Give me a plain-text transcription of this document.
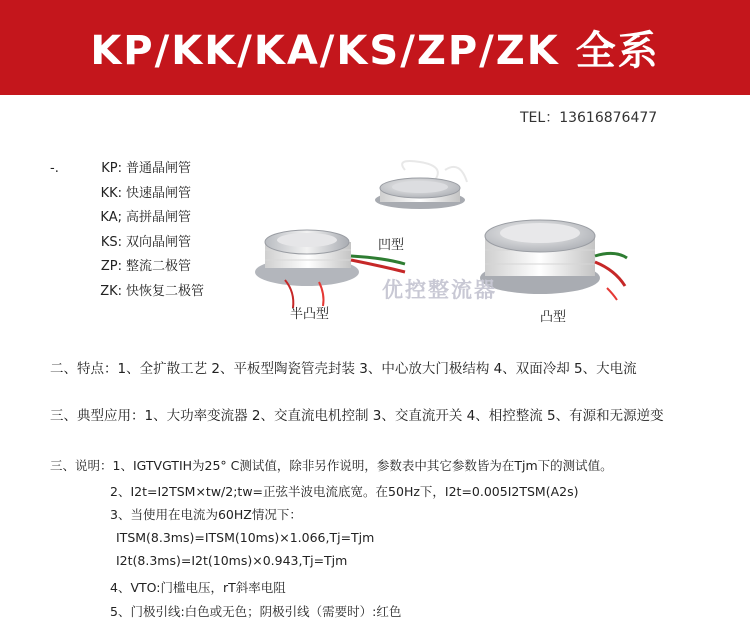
KP/KK/KA/KS/ZP/ZK 全系
TEL：13616876477
-.	KP: 普通晶闸管
KK: 快速晶闸管
KA; 高拼晶闸管
KS: 双向晶闸管
ZP: 整流二极管
ZK: 快恢复二极管
凹型
半凸型	凸型
优控整流器
二、特点：1、全扩散工艺 2、平板型陶瓷管壳封装 3、中心放大门极结构 4、双面冷却 5、大电流
三、典型应用：1、大功率变流器 2、交直流电机控制 3、交直流开关 4、相控整流 5、有源和无源逆变
三、说明：1、IGTVGTIH为25° C测试值，除非另作说明，参数表中其它参数皆为在Tjm下的测试值。
2、I2t=I2TSM×tw/2;tw=正弦半波电流底宽。在50Hz下，I2t=0.005I2TSM(A2s)
3、当使用在电流为60HZ情况下：
ITSM(8.3ms)=ITSM(10ms)×1.066,Tj=Tjm
I2t(8.3ms)=I2t(10ms)×0.943,Tj=Tjm
4、VTO:门槛电压，rT斜率电阻
5、门极引线:白色或无色；阴极引线（需要时）:红色
